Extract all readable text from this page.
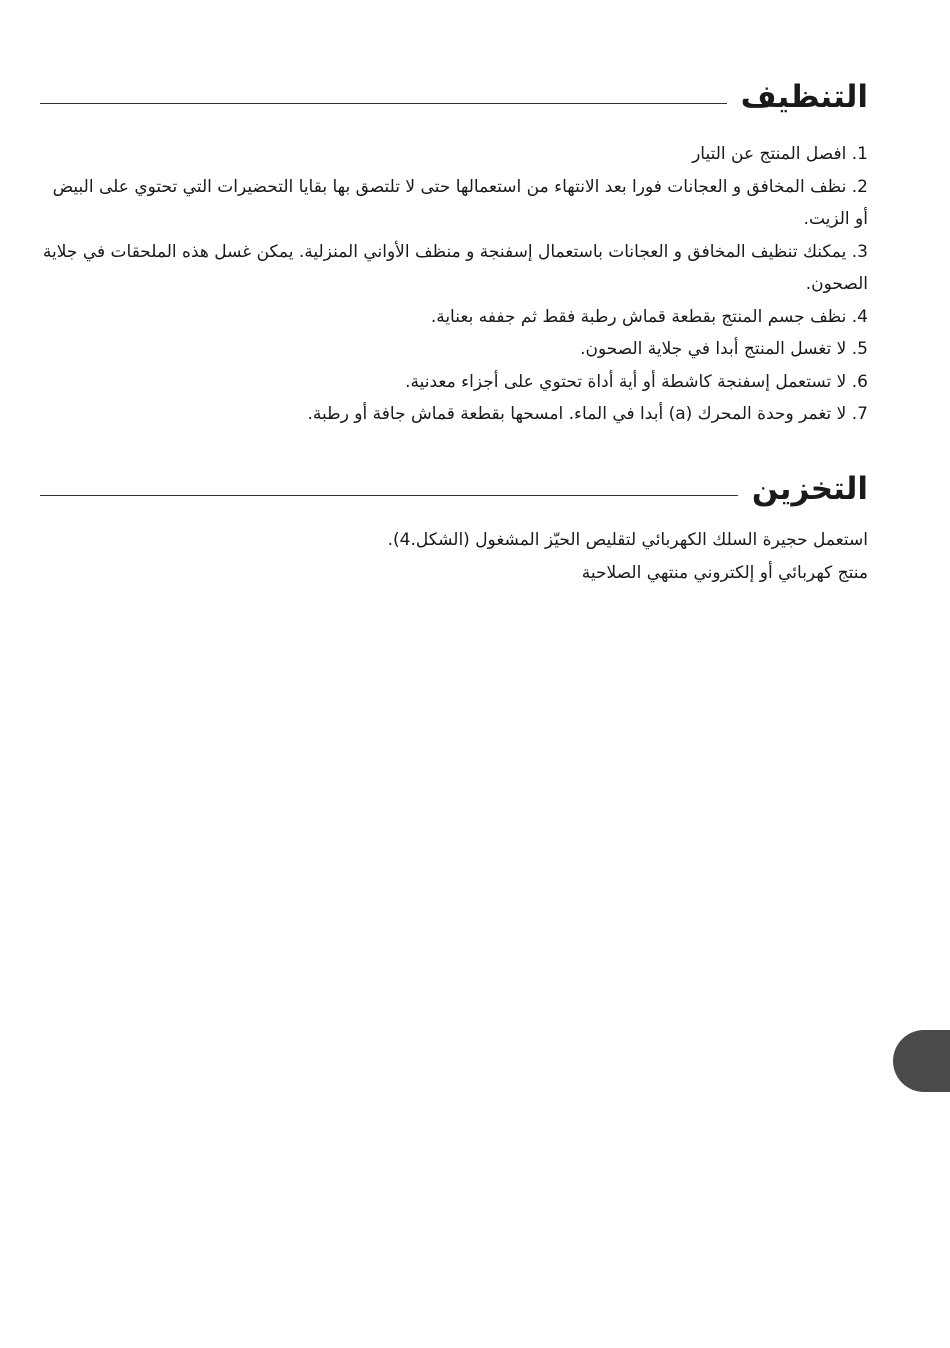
التنظيف
1. افصل المنتج عن التيار
2. نظف المخافق و العجانات فورا بعد الانتهاء من استعمالها حتى لا تلتصق بها بقايا التحضيرات التي تحتوي على البيض أو الزيت.
3. يمكنك تنظيف المخافق و العجانات باستعمال إسفنجة و منظف الأواني المنزلية. يمكن غسل هذه الملحقات في جلاية الصحون.
4. نظف جسم المنتج بقطعة قماش رطبة فقط ثم جففه بعناية.
5. لا تغسل المنتج أبدا في جلاية الصحون.
6. لا تستعمل إسفنجة كاشطة أو أية أداة تحتوي على أجزاء معدنية.
7. لا تغمر وحدة المحرك (a) أبدا في الماء. امسحها بقطعة قماش جافة أو رطبة.
التخزين
استعمل حجيرة السلك الكهربائي لتقليص الحيّز المشغول (الشكل.4).
منتج كهربائي أو إلكتروني منتهي الصلاحية
